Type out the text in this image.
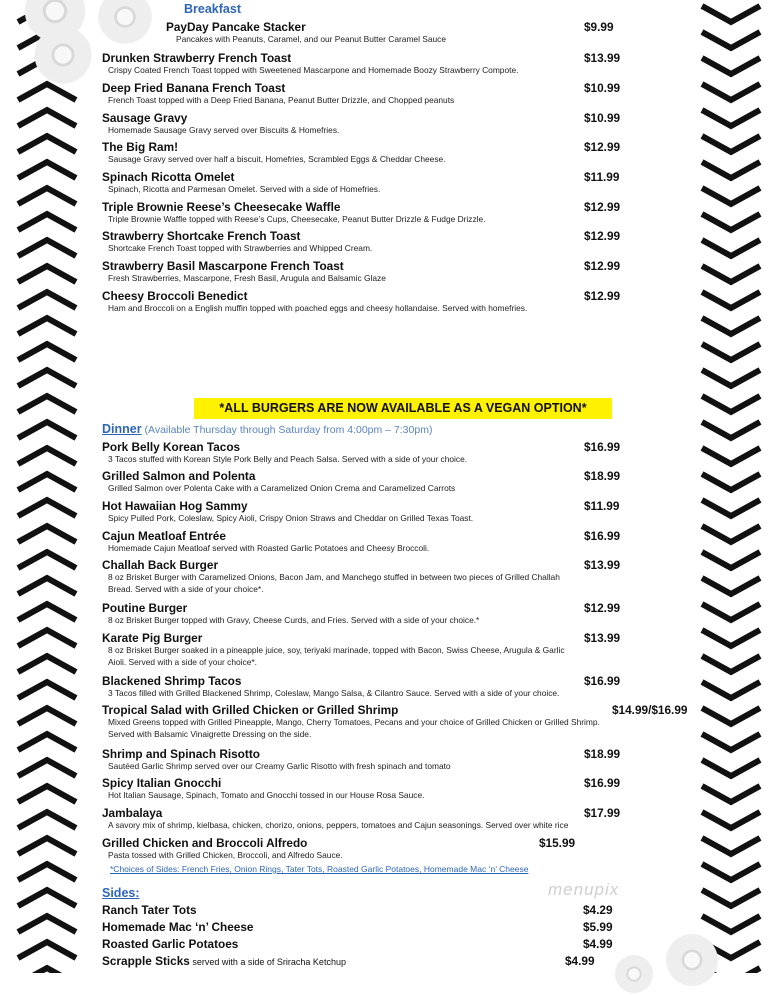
Breakfast
PayDay Pancake Stacker	$9.99
Pancakes with Peanuts, Caramel, and our Peanut Butter Caramel Sauce
Drunken Strawberry French Toast	$13.99
Crispy Coated French Toast topped with Sweetened Mascarpone and Homemade Boozy Strawberry Compote.
Deep Fried Banana French Toast	$10.99
French Toast topped with a Deep Fried Banana, Peanut Butter Drizzle, and Chopped peanuts
Sausage Gravy	$10.99
Homemade Sausage Gravy served over Biscuits & Homefries.
The Big Ram!	$12.99
Sausage Gravy served over half a biscuit, Homefries, Scrambled Eggs & Cheddar Cheese.
Spinach Ricotta Omelet	$11.99
Spinach, Ricotta and Parmesan Omelet. Served with a side of Homefries.
Triple Brownie Reese’s Cheesecake Waffle	$12.99
Triple Brownie Waffle topped with Reese’s Cups, Cheesecake, Peanut Butter Drizzle & Fudge Drizzle.
Strawberry Shortcake French Toast	$12.99
Shortcake French Toast topped with Strawberries and Whipped Cream.
Strawberry Basil Mascarpone French Toast	$12.99
Fresh Strawberries, Mascarpone, Fresh Basil, Arugula and Balsamic Glaze
Cheesy Broccoli Benedict	$12.99
Ham and Broccoli on a English muffin topped with poached eggs and cheesy hollandaise. Served with homefries.
*ALL BURGERS ARE NOW AVAILABLE AS A VEGAN OPTION*
Dinner (Available Thursday through Saturday from 4:00pm – 7:30pm)
Pork Belly Korean Tacos	$16.99
3 Tacos stuffed with Korean Style Pork Belly and Peach Salsa. Served with a side of your choice.
Grilled Salmon and Polenta	$18.99
Grilled Salmon over Polenta Cake with a Caramelized Onion Crema and Caramelized Carrots
Hot Hawaiian Hog Sammy	$11.99
Spicy Pulled Pork, Coleslaw, Spicy Aioli, Crispy Onion Straws and Cheddar on Grilled Texas Toast.
Cajun Meatloaf Entrée	$16.99
Homemade Cajun Meatloaf served with Roasted Garlic Potatoes and Cheesy Broccoli.
Challah Back Burger	$13.99
8 oz Brisket Burger with Caramelized Onions, Bacon Jam, and Manchego stuffed in between two pieces of Grilled Challah Bread. Served with a side of your choice*.
Poutine Burger	$12.99
8 oz Brisket Burger topped with Gravy, Cheese Curds, and Fries. Served with a side of your choice.*
Karate Pig Burger	$13.99
8 oz Brisket Burger soaked in a pineapple juice, soy, teriyaki marinade, topped with Bacon, Swiss Cheese, Arugula & Garlic Aioli. Served with a side of your choice*.
Blackened Shrimp Tacos	$16.99
3 Tacos filled with Grilled Blackened Shrimp, Coleslaw, Mango Salsa, & Cilantro Sauce. Served with a side of your choice.
Tropical Salad with Grilled Chicken or Grilled Shrimp	$14.99/$16.99
Mixed Greens topped with Grilled Pineapple, Mango, Cherry Tomatoes, Pecans and your choice of Grilled Chicken or Grilled Shrimp. Served with Balsamic Vinaigrette Dressing on the side.
Shrimp and Spinach Risotto	$18.99
Sautéed Garlic Shrimp served over our Creamy Garlic Risotto with fresh spinach and tomato
Spicy Italian Gnocchi	$16.99
Hot Italian Sausage, Spinach, Tomato and Gnocchi tossed in our House Rosa Sauce.
Jambalaya	$17.99
A savory mix of shrimp, kielbasa, chicken, chorizo, onions, peppers, tomatoes and Cajun seasonings. Served over white rice
Grilled Chicken and Broccoli Alfredo	$15.99
Pasta tossed with Grilled Chicken, Broccoli, and Alfredo Sauce.
*Choices of Sides: French Fries, Onion Rings, Tater Tots, Roasted Garlic Potatoes, Homemade Mac ‘n’ Cheese
Sides:
Ranch Tater Tots	$4.29
Homemade Mac ‘n’ Cheese	$5.99
Roasted Garlic Potatoes	$4.99
Scrapple Sticks served with a side of Sriracha Ketchup	$4.99
menupix
